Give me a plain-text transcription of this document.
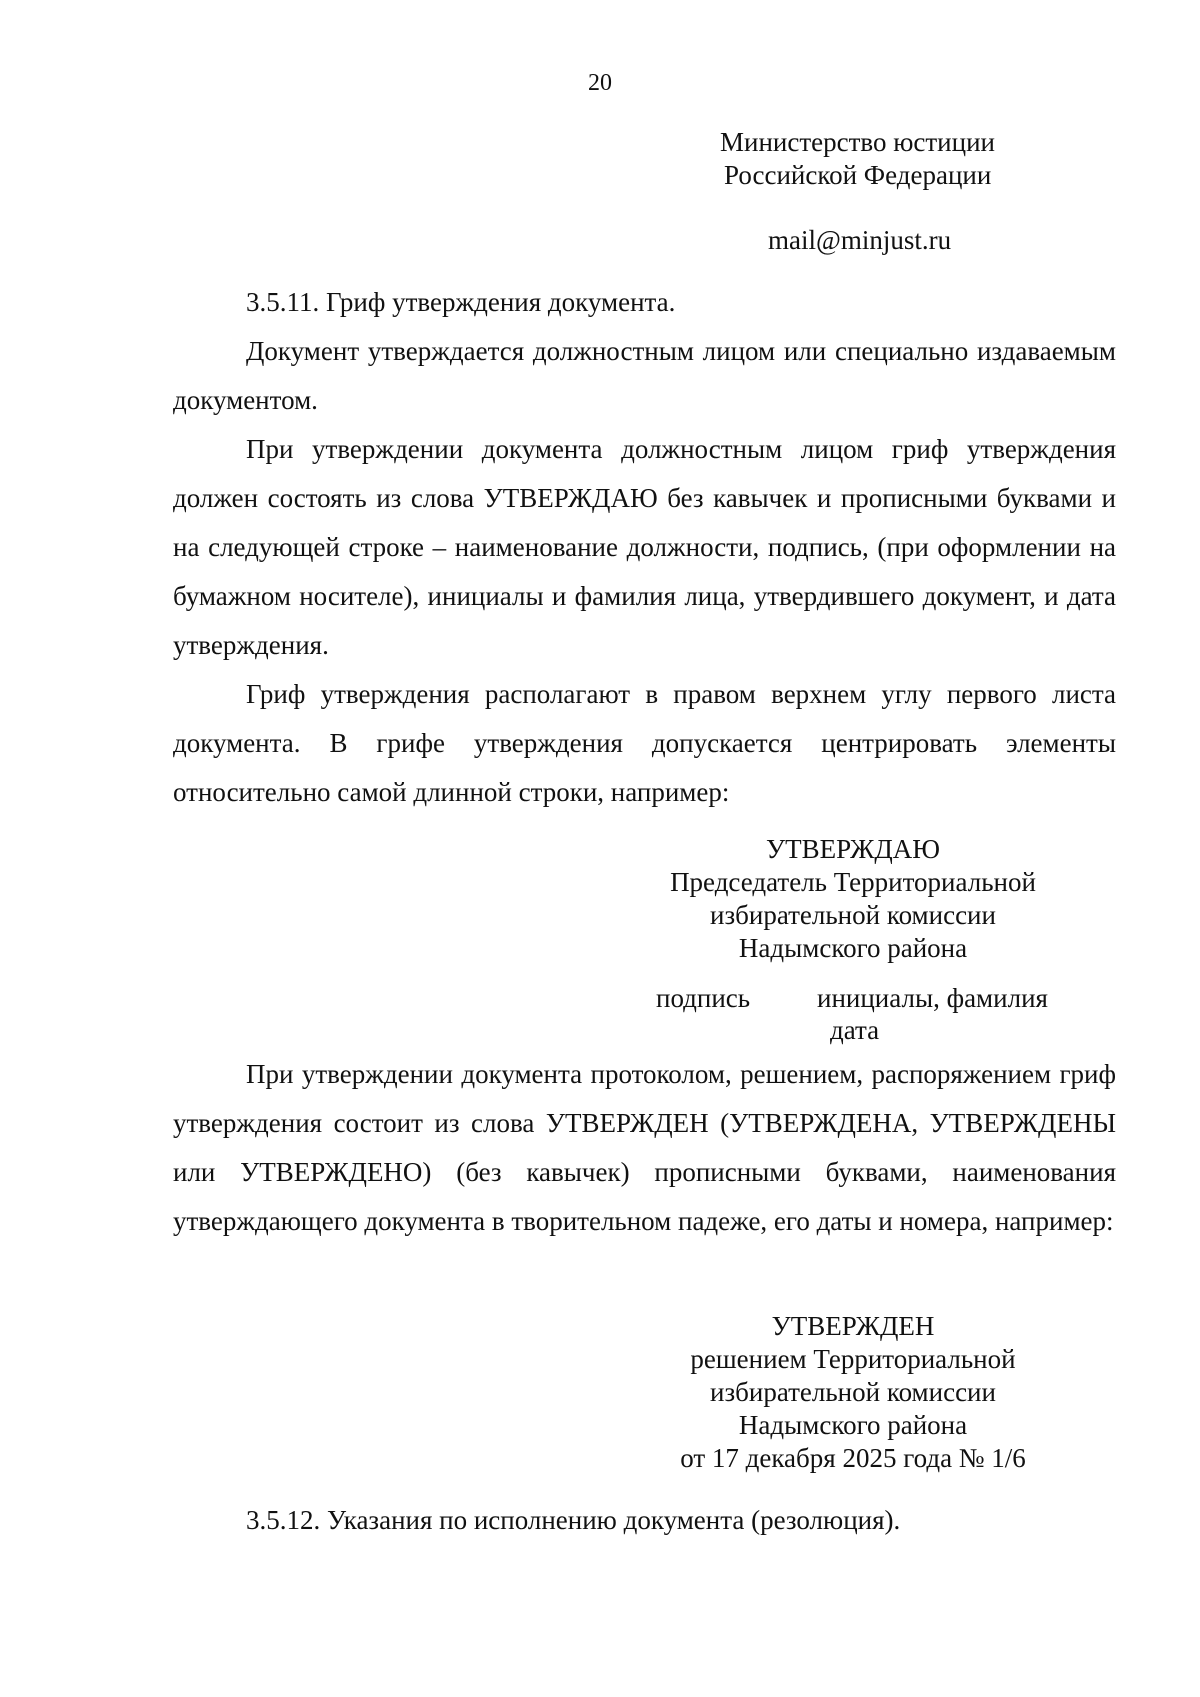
20
Министерство юстиции
Российской Федерации
mail@minjust.ru
3.5.11. Гриф утверждения документа.
Документ утверждается должностным лицом или специально издаваемым документом.
При утверждении документа должностным лицом гриф утверждения должен состоять из слова УТВЕРЖДАЮ без кавычек и прописными буквами и на следующей строке – наименование должности, подпись, (при оформлении на бумажном носителе), инициалы и фамилия лица, утвердившего документ, и дата утверждения.
Гриф утверждения располагают в правом верхнем углу первого листа документа. В грифе утверждения допускается центрировать элементы относительно самой длинной строки, например:
УТВЕРЖДАЮ
Председатель Территориальной
избирательной комиссии
Надымского района
подпись инициалы, фамилия
дата
При утверждении документа протоколом, решением, распоряжением гриф утверждения состоит из слова УТВЕРЖДЕН (УТВЕРЖДЕНА, УТВЕРЖДЕНЫ или УТВЕРЖДЕНО) (без кавычек) прописными буквами, наименования утверждающего документа в творительном падеже, его даты и номера, например:
УТВЕРЖДЕН
решением Территориальной
избирательной комиссии
Надымского района
от 17 декабря 2025 года № 1/6
3.5.12. Указания по исполнению документа (резолюция).
